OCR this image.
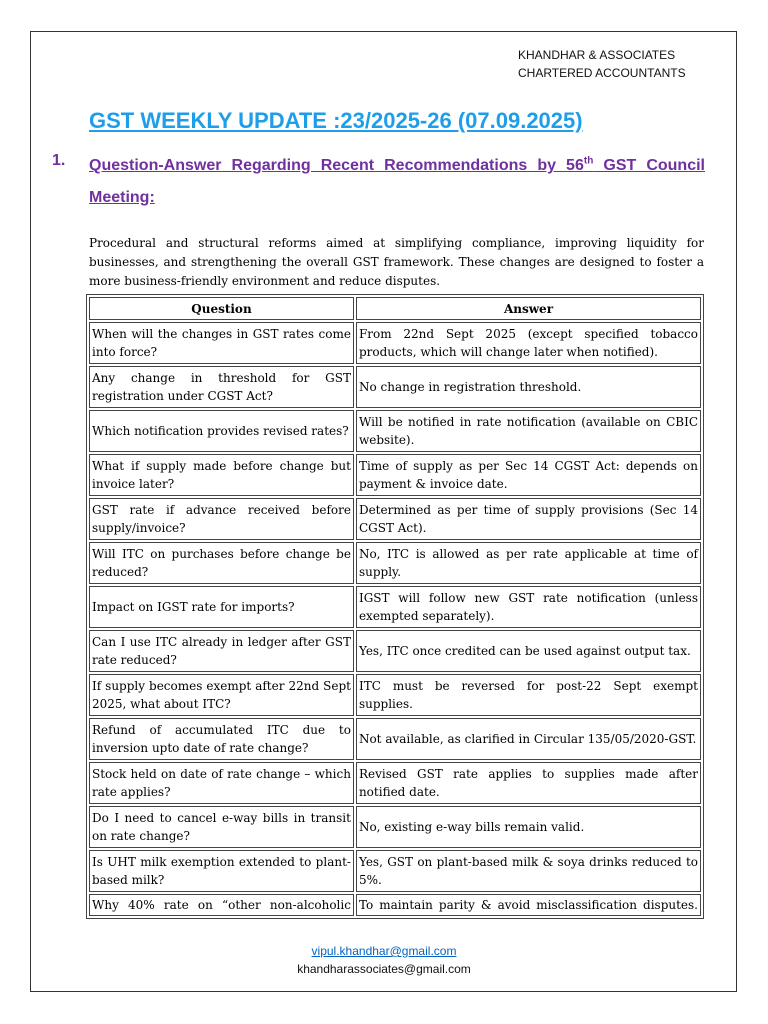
KHANDHAR & ASSOCIATES
CHARTERED ACCOUNTANTS
GST WEEKLY UPDATE :23/2025-26 (07.09.2025)
1. Question-Answer Regarding Recent Recommendations by 56th GST Council Meeting:
Procedural and structural reforms aimed at simplifying compliance, improving liquidity for businesses, and strengthening the overall GST framework. These changes are designed to foster a more business-friendly environment and reduce disputes.
Question	Answer
When will the changes in GST rates come into force?	From 22nd Sept 2025 (except specified tobacco products, which will change later when notified).
Any change in threshold for GST registration under CGST Act?	No change in registration threshold.
Which notification provides revised rates?	Will be notified in rate notification (available on CBIC website).
What if supply made before change but invoice later?	Time of supply as per Sec 14 CGST Act: depends on payment & invoice date.
GST rate if advance received before supply/invoice?	Determined as per time of supply provisions (Sec 14 CGST Act).
Will ITC on purchases before change be reduced?	No, ITC is allowed as per rate applicable at time of supply.
Impact on IGST rate for imports?	IGST will follow new GST rate notification (unless exempted separately).
Can I use ITC already in ledger after GST rate reduced?	Yes, ITC once credited can be used against output tax.
If supply becomes exempt after 22nd Sept 2025, what about ITC?	ITC must be reversed for post-22 Sept exempt supplies.
Refund of accumulated ITC due to inversion upto date of rate change?	Not available, as clarified in Circular 135/05/2020-GST.
Stock held on date of rate change – which rate applies?	Revised GST rate applies to supplies made after notified date.
Do I need to cancel e-way bills in transit on rate change?	No, existing e-way bills remain valid.
Is UHT milk exemption extended to plant-based milk?	Yes, GST on plant-based milk & soya drinks reduced to 5%.
Why 40% rate on “other non-alcoholic	To maintain parity & avoid misclassification disputes.
vipul.khandhar@gmail.com
khandharassociates@gmail.com
